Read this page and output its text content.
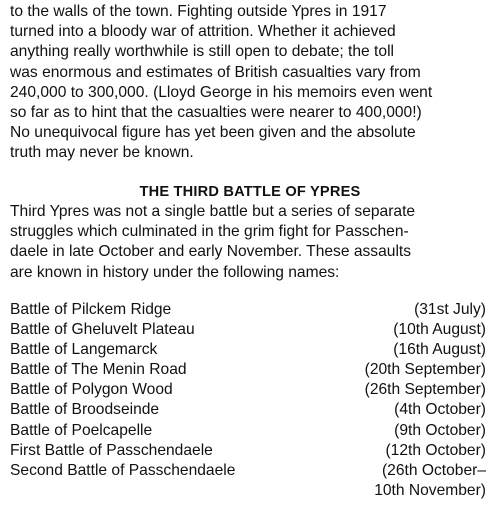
to the walls of the town. Fighting outside Ypres in 1917
turned into a bloody war of attrition. Whether it achieved
anything really worthwhile is still open to debate; the toll
was enormous and estimates of British casualties vary from
240,000 to 300,000. (Lloyd George in his memoirs even went
so far as to hint that the casualties were nearer to 400,000!)
No unequivocal figure has yet been given and the absolute
truth may never be known.
THE THIRD BATTLE OF YPRES
Third Ypres was not a single battle but a series of separate
struggles which culminated in the grim fight for Passchen-
daele in late October and early November. These assaults
are known in history under the following names:
Battle of Pilckem Ridge	(31st July)
Battle of Gheluvelt Plateau	(10th August)
Battle of Langemarck	(16th August)
Battle of The Menin Road	(20th September)
Battle of Polygon Wood	(26th September)
Battle of Broodseinde	(4th October)
Battle of Poelcapelle	(9th October)
First Battle of Passchendaele	(12th October)
Second Battle of Passchendaele	(26th October–
10th November)
